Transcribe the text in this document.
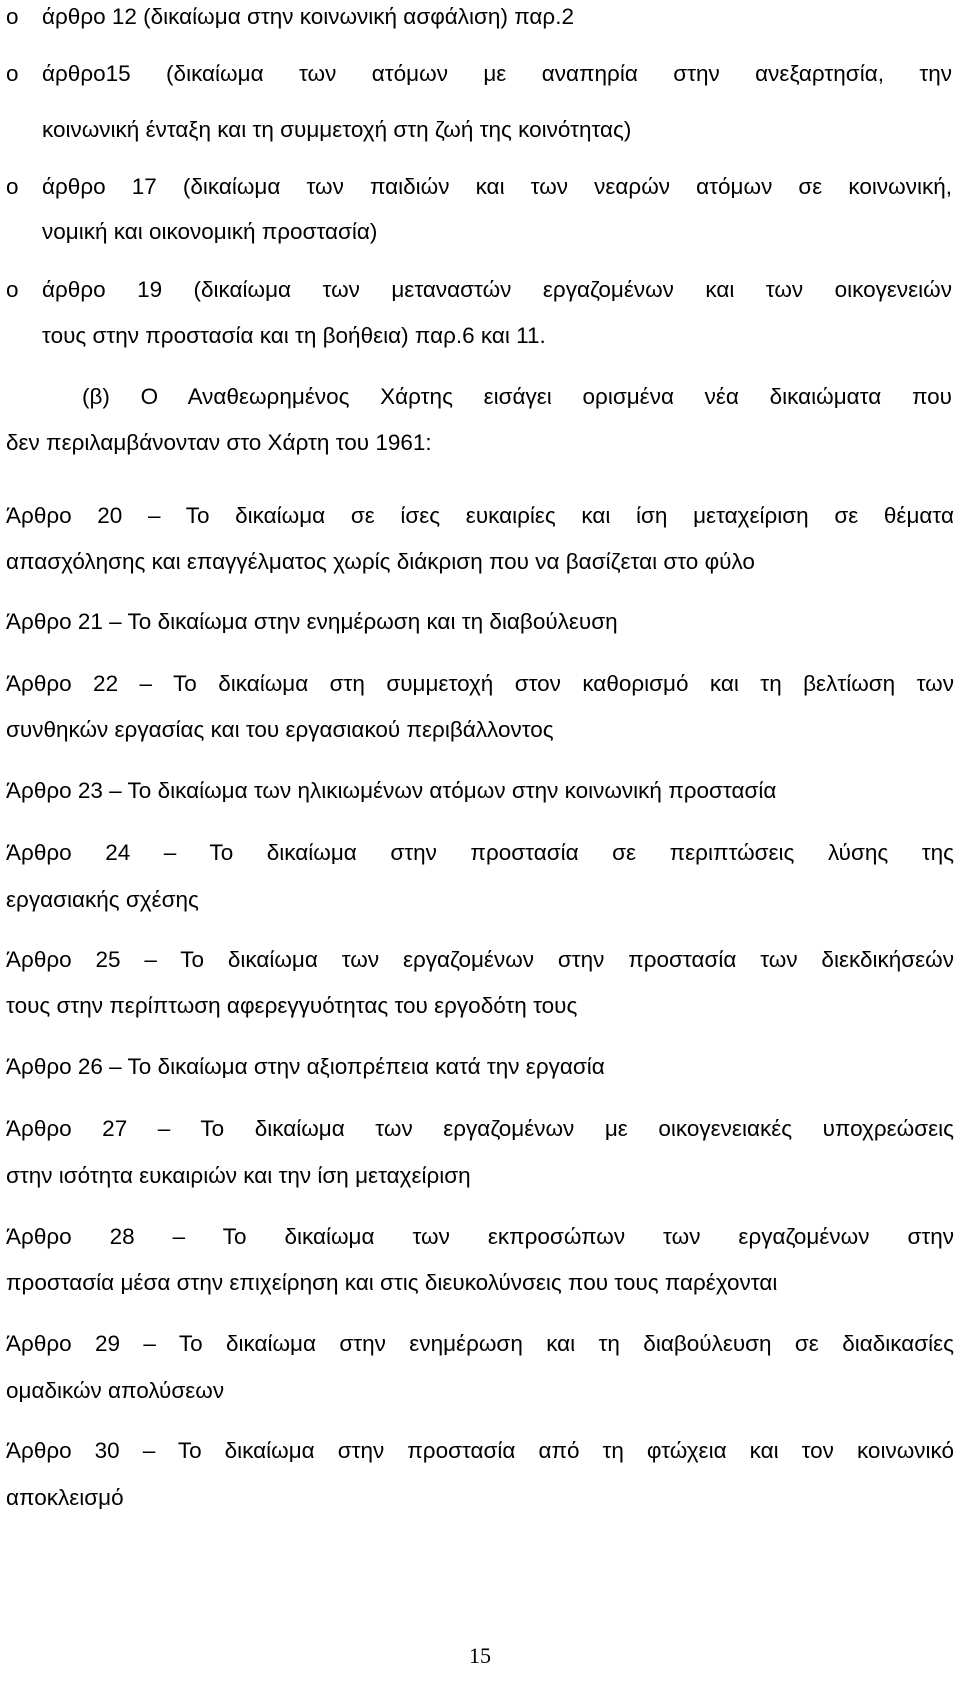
o άρθρο 12 (δικαίωμα στην κοινωνική ασφάλιση) παρ.2
o άρθρο15 (δικαίωμα των ατόμων με αναπηρία στην ανεξαρτησία, την
κοινωνική ένταξη και τη συμμετοχή στη ζωή της κοινότητας)
o άρθρο 17 (δικαίωμα των παιδιών και των νεαρών ατόμων σε κοινωνική,
νομική και οικονομική προστασία)
o άρθρο 19 (δικαίωμα των μεταναστών εργαζομένων και των οικογενειών
τους στην προστασία και τη βοήθεια) παρ.6 και 11.
(β) Ο Αναθεωρημένος Χάρτης εισάγει ορισμένα νέα δικαιώματα που
δεν περιλαμβάνονταν στο Χάρτη του 1961:
Άρθρο 20 – Το δικαίωμα σε ίσες ευκαιρίες και ίση μεταχείριση σε θέματα
απασχόλησης και επαγγέλματος χωρίς διάκριση που να βασίζεται στο φύλο
Άρθρο 21 – Το δικαίωμα στην ενημέρωση και τη διαβούλευση
Άρθρο 22 – Το δικαίωμα στη συμμετοχή στον καθορισμό και τη βελτίωση των
συνθηκών εργασίας και του εργασιακού περιβάλλοντος
Άρθρο 23 – Το δικαίωμα των ηλικιωμένων ατόμων στην κοινωνική προστασία
Άρθρο 24 – Το δικαίωμα στην προστασία σε περιπτώσεις λύσης της
εργασιακής σχέσης
Άρθρο 25 – Το δικαίωμα των εργαζομένων στην προστασία των διεκδικήσεών
τους στην περίπτωση αφερεγγυότητας του εργοδότη τους
Άρθρο 26 – Το δικαίωμα στην αξιοπρέπεια κατά την εργασία
Άρθρο 27 – Το δικαίωμα των εργαζομένων με οικογενειακές υποχρεώσεις
στην ισότητα ευκαιριών και την ίση μεταχείριση
Άρθρο 28 – Το δικαίωμα των εκπροσώπων των εργαζομένων στην
προστασία μέσα στην επιχείρηση και στις διευκολύνσεις που τους παρέχονται
Άρθρο 29 – Το δικαίωμα στην ενημέρωση και τη διαβούλευση σε διαδικασίες
ομαδικών απολύσεων
Άρθρο 30 – Το δικαίωμα στην προστασία από τη φτώχεια και τον κοινωνικό
αποκλεισμό
15
